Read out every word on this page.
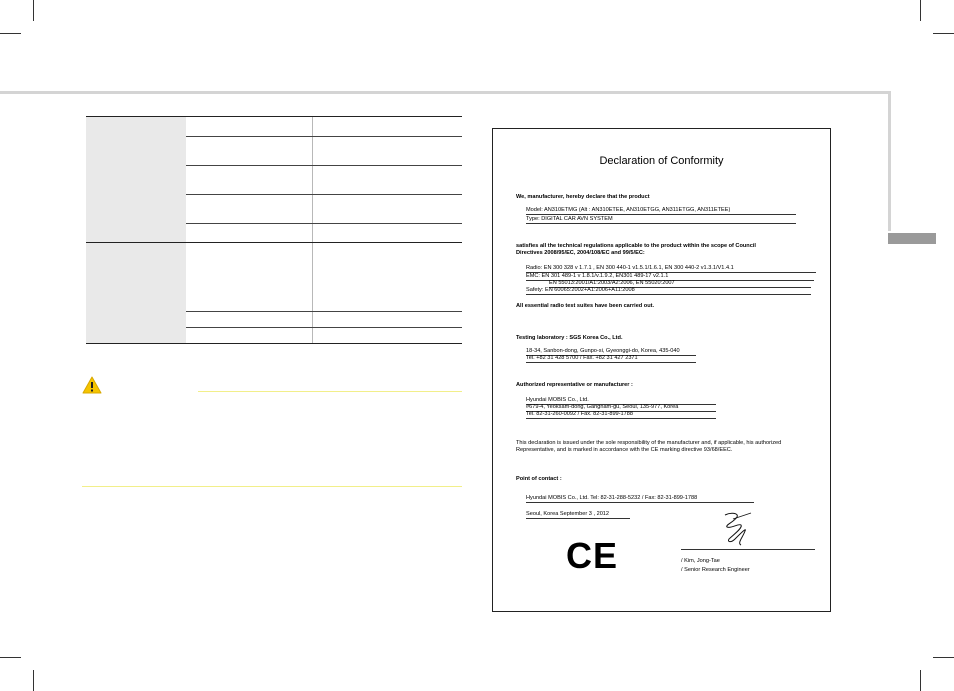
Declaration of Conformity
We, manufacturer, hereby declare that the product
Model: AN310ETMG (Alt : AN310ETEE, AN310ETGG, AN311ETGG, AN311ETEE)
Type: DIGITAL CAR AVN SYSTEM
satisfies all the technical regulations applicable to the product within the scope of Council
Directives 2008/95/EC, 2004/108/EC and 99/5/EC:
Radio: EN 300 328 v 1.7.1 , EN 300 440-1 v1.5.1/1.6.1, EN 300 440-2 v1.3.1/V1.4.1
EMC: EN 301 489-1 v 1.8.1/v.1.9.2, EN301 489-17 v2.1.1
EN 55013:2001/A1:2003/A2:2006, EN 55020:2007
Safety: EN 60065:2002+A1:2006+A11:2008
All essential radio test suites have been carried out.
Testing laboratory : SGS Korea Co., Ltd.
18-34, Sanbon-dong, Gunpo-si, Gyeonggi-do, Korea, 435-040
Tel. +82 31 428 5700 / Fax. +82 31 427 2371
Authorized representative or manufacturer :
Hyundai MOBIS Co., Ltd.
#679-4, Yeoksam-dong, Gangnam-gu, Seoul, 135-977, Korea
Tel. 82-31-260-0092 / Fax. 82-31-899-1788
This declaration is issued under the sole responsibility of the manufacturer and, if applicable, his authorized
Representative, and is marked in accordance with the CE marking directive 93/68/EEC.
Point of contact :
Hyundai MOBIS Co., Ltd. Tel: 82-31-288-5232 / Fax: 82-31-899-1788
Seoul, Korea September 3 , 2012
CE	/ Kim, Jong-Tae
/ Senior Research Engineer
